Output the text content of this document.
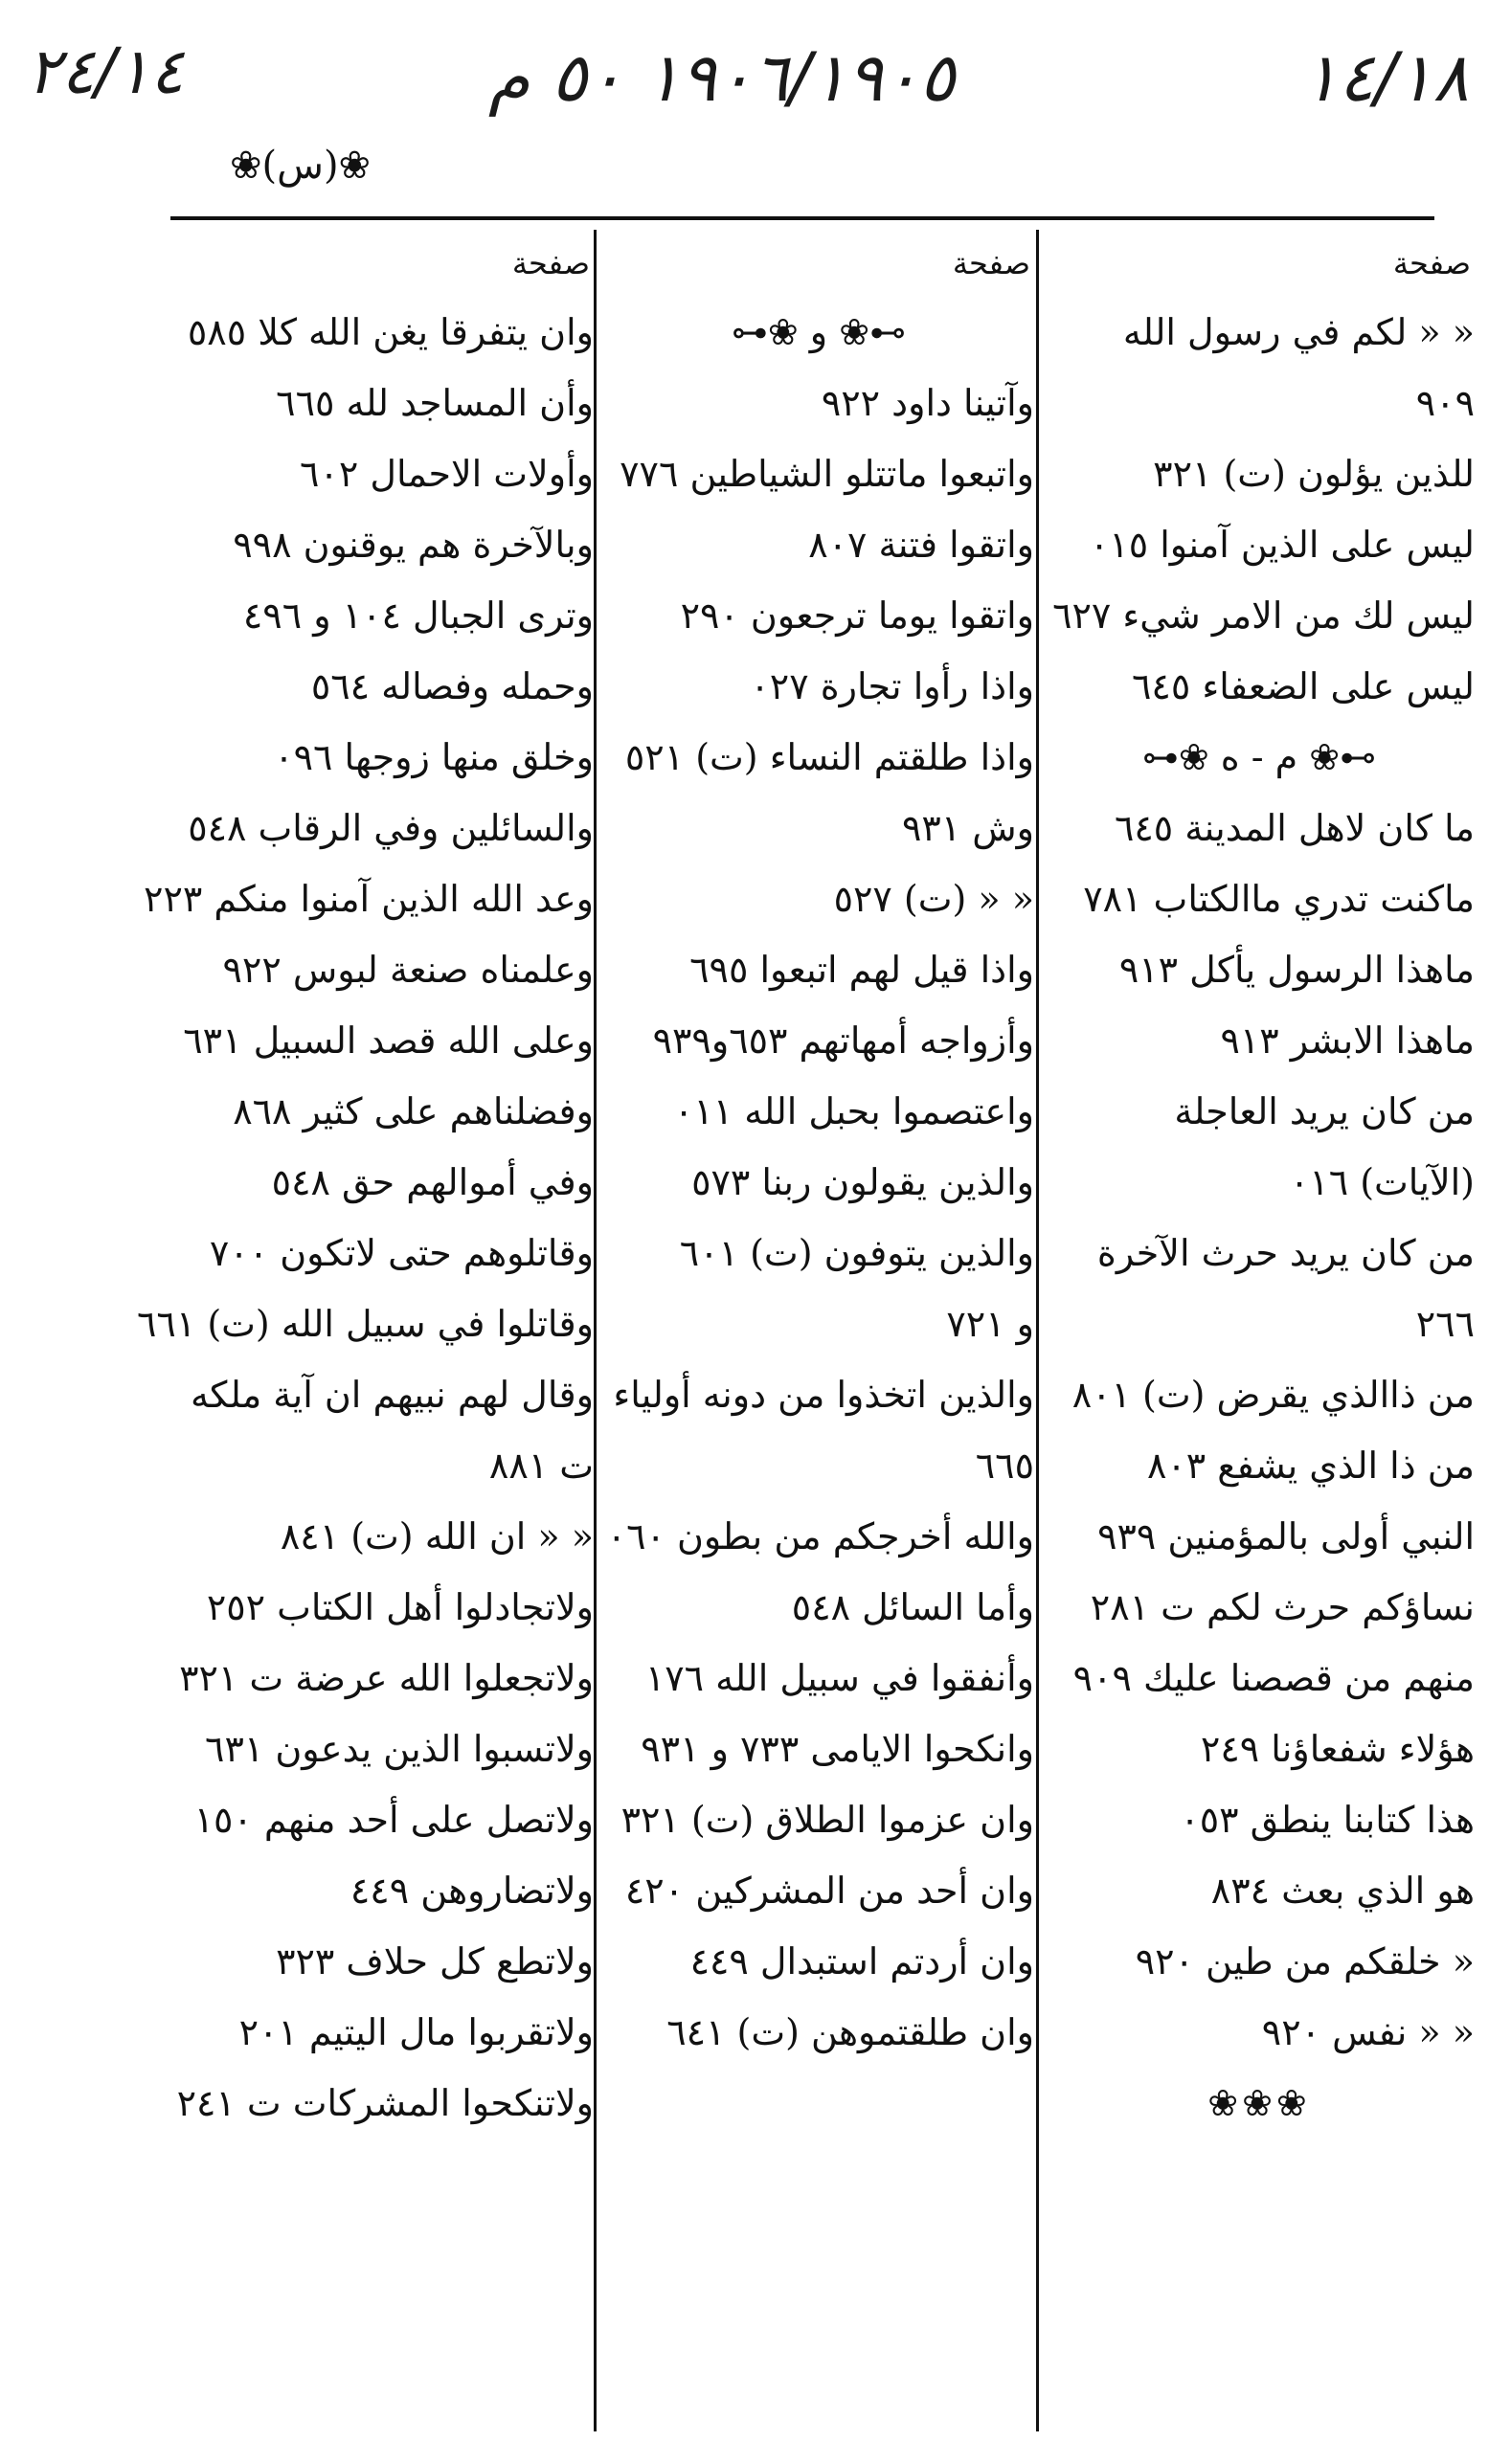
٢٤/١٤	١٩٠٦/١٩٠٥ ٥٠ م	١٤/١٨
❀(س)❀
صفحة
« « لكم في رسول الله
٩٠٩
للذين يؤلون (ت) ٣٢١
ليس على الذين آمنوا ٠١٥
ليس لك من الامر شيء ٦٢٧
ليس على الضعفاء ٦٤٥
⊶❀ م - ه ❀⊷
ما كان لاهل المدينة ٦٤٥
ماكنت تدري ماالكتاب ٧٨١
ماهذا الرسول يأكل ٩١٣
ماهذا الابشر ٩١٣
من كان يريد العاجلة
(الآيات) ٠١٦
من كان يريد حرث الآخرة
٢٦٦
من ذاالذي يقرض (ت) ٨٠١
من ذا الذي يشفع ٨٠٣
النبي أولى بالمؤمنين ٩٣٩
نساؤكم حرث لكم ت ٢٨١
منهم من قصصنا عليك ٩٠٩
هؤلاء شفعاؤنا ٢٤٩
هذا كتابنا ينطق ٠٥٣
هو الذي بعث ٨٣٤
« خلقكم من طين ٩٢٠
« « نفس ٩٢٠
❀❀❀
صفحة
⊶❀ و ❀⊷
وآتينا داود ٩٢٢
واتبعوا ماتتلو الشياطين ٧٧٦
واتقوا فتنة ٨٠٧
واتقوا يوما ترجعون ٢٩٠
واذا رأوا تجارة ٠٢٧
واذا طلقتم النساء (ت) ٥٢١
وش ٩٣١
« « (ت) ٥٢٧
واذا قيل لهم اتبعوا ٦٩٥
وأزواجه أمهاتهم ٦٥٣و٩٣٩
واعتصموا بحبل الله ٠١١
والذين يقولون ربنا ٥٧٣
والذين يتوفون (ت) ٦٠١
و ٧٢١
والذين اتخذوا من دونه أولياء
٦٦٥
والله أخرجكم من بطون ٠٦٠
وأما السائل ٥٤٨
وأنفقوا في سبيل الله ١٧٦
وانكحوا الايامى ٧٣٣ و ٩٣١
وان عزموا الطلاق (ت) ٣٢١
وان أحد من المشركين ٤٢٠
وان أردتم استبدال ٤٤٩
وان طلقتموهن (ت) ٦٤١
صفحة
وان يتفرقا يغن الله كلا ٥٨٥
وأن المساجد لله ٦٦٥
وأولات الاحمال ٦٠٢
وبالآخرة هم يوقنون ٩٩٨
وترى الجبال ١٠٤ و ٤٩٦
وحمله وفصاله ٥٦٤
وخلق منها زوجها ٠٩٦
والسائلين وفي الرقاب ٥٤٨
وعد الله الذين آمنوا منكم ٢٢٣
وعلمناه صنعة لبوس ٩٢٢
وعلى الله قصد السبيل ٦٣١
وفضلناهم على كثير ٨٦٨
وفي أموالهم حق ٥٤٨
وقاتلوهم حتى لاتكون ٧٠٠
وقاتلوا في سبيل الله (ت) ٦٦١
وقال لهم نبيهم ان آية ملكه
ت ٨٨١
« « ان الله (ت) ٨٤١
ولاتجادلوا أهل الكتاب ٢٥٢
ولاتجعلوا الله عرضة ت ٣٢١
ولاتسبوا الذين يدعون ٦٣١
ولاتصل على أحد منهم ١٥٠
ولاتضاروهن ٤٤٩
ولاتطع كل حلاف ٣٢٣
ولاتقربوا مال اليتيم ٢٠١
ولاتنكحوا المشركات ت ٢٤١
